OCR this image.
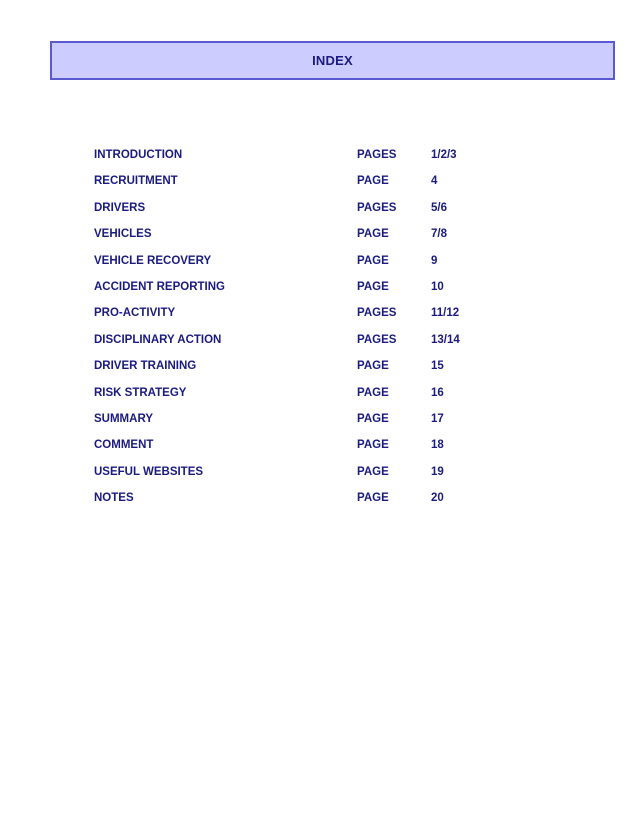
INDEX
INTRODUCTION	PAGES	1/2/3
RECRUITMENT	PAGE	4
DRIVERS	PAGES	5/6
VEHICLES	PAGE	7/8
VEHICLE RECOVERY	PAGE	9
ACCIDENT REPORTING	PAGE	10
PRO-ACTIVITY	PAGES	11/12
DISCIPLINARY ACTION	PAGES	13/14
DRIVER TRAINING	PAGE	15
RISK STRATEGY	PAGE	16
SUMMARY	PAGE	17
COMMENT	PAGE	18
USEFUL WEBSITES	PAGE	19
NOTES	PAGE	20
